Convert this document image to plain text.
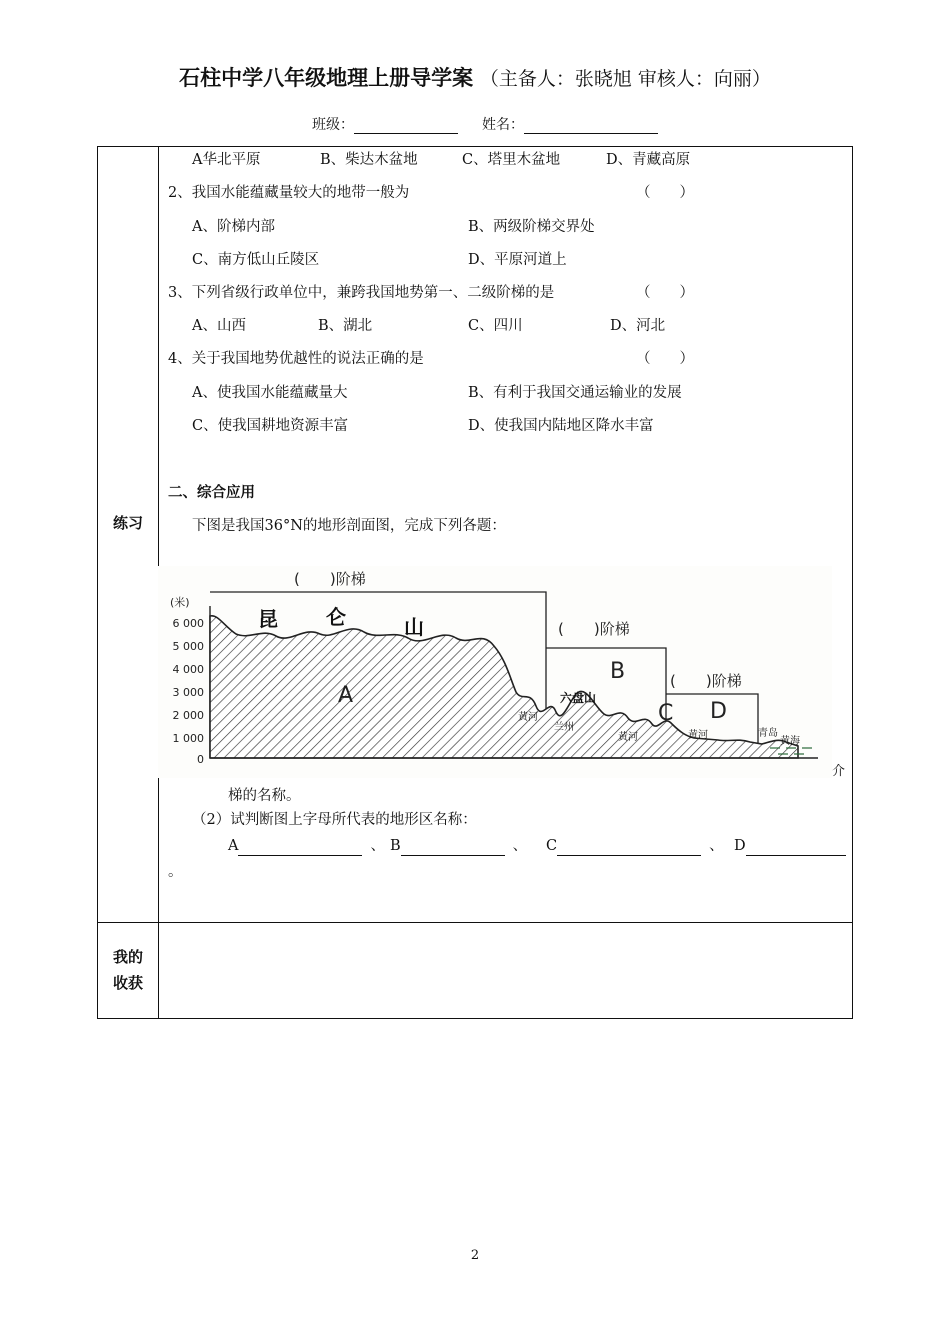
石柱中学八年级地理上册导学案 （主备人：张晓旭 审核人：向丽）
班级：	姓名：
练习
我的收获
A华北平原	B、柴达木盆地	C、塔里木盆地	D、青藏高原
2、我国水能蕴藏量较大的地带一般为	（　　）
A、阶梯内部	B、两级阶梯交界处
C、南方低山丘陵区	D、平原河道上
3、下列省级行政单位中，兼跨我国地势第一、二级阶梯的是	（　　）
A、山西	B、湖北	C、四川	D、河北
4、关于我国地势优越性的说法正确的是	（　　）
A、使我国水能蕴藏量大	B、有利于我国交通运输业的发展
C、使我国耕地资源丰富	D、使我国内陆地区降水丰富
二、综合应用
下图是我国36°N的地形剖面图，完成下列各题：
(米)
6 000
5 000
4 000
3 000
2 000
1 000
0
(　　)阶梯
(　　)阶梯
(　　)阶梯
昆 仑	山
六盘山
黄河
兰州
黄河	黄河	青岛
黄海
A
B
C D
介
梯的名称。
（2）试判断图上字母所代表的地形区名称：
A	、 B	、 C	、 D
。
2
